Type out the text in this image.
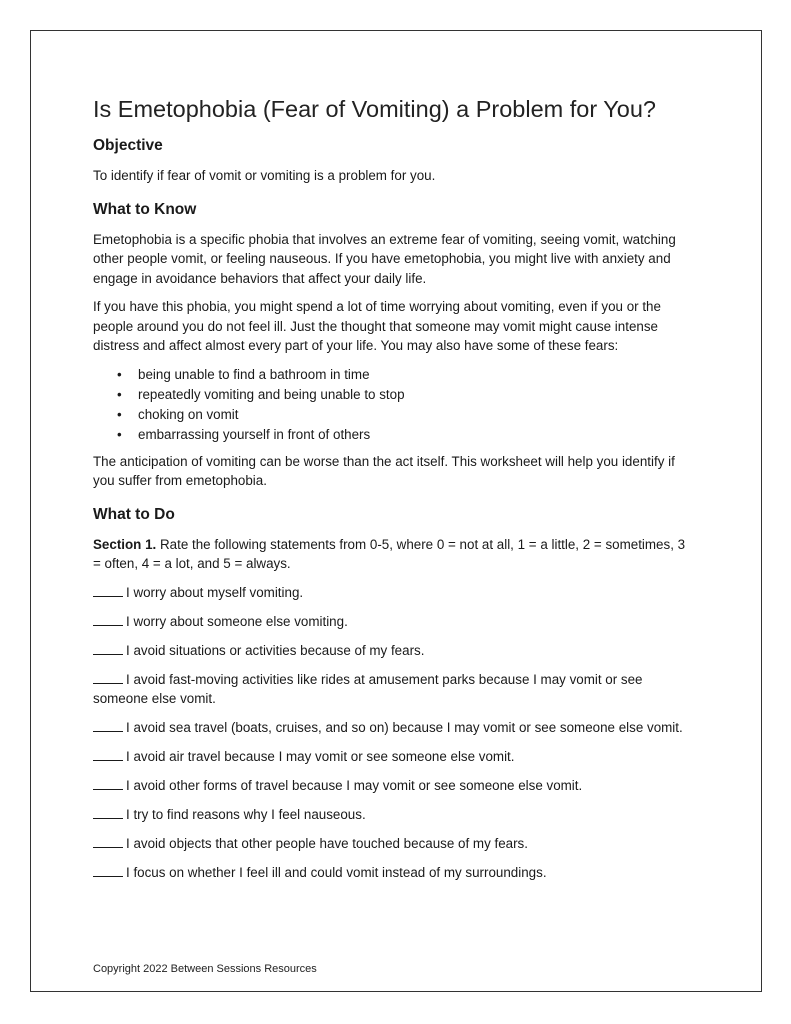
Is Emetophobia (Fear of Vomiting) a Problem for You?
Objective

To identify if fear of vomit or vomiting is a problem for you.

What to Know

Emetophobia is a specific phobia that involves an extreme fear of vomiting, seeing vomit, watching other people vomit, or feeling nauseous. If you have emetophobia, you might live with anxiety and engage in avoidance behaviors that affect your daily life.

If you have this phobia, you might spend a lot of time worrying about vomiting, even if you or the people around you do not feel ill. Just the thought that someone may vomit might cause intense distress and affect almost every part of your life. You may also have some of these fears:

• being unable to find a bathroom in time
• repeatedly vomiting and being unable to stop
• choking on vomit
• embarrassing yourself in front of others

The anticipation of vomiting can be worse than the act itself. This worksheet will help you identify if you suffer from emetophobia.

What to Do

Section 1. Rate the following statements from 0-5, where 0 = not at all, 1 = a little, 2 = sometimes, 3 = often, 4 = a lot, and 5 = always.

I worry about myself vomiting.
I worry about someone else vomiting.
I avoid situations or activities because of my fears.
I avoid fast-moving activities like rides at amusement parks because I may vomit or see someone else vomit.
I avoid sea travel (boats, cruises, and so on) because I may vomit or see someone else vomit.
I avoid air travel because I may vomit or see someone else vomit.
I avoid other forms of travel because I may vomit or see someone else vomit.
I try to find reasons why I feel nauseous.
I avoid objects that other people have touched because of my fears.
I focus on whether I feel ill and could vomit instead of my surroundings.
Copyright 2022 Between Sessions Resources
